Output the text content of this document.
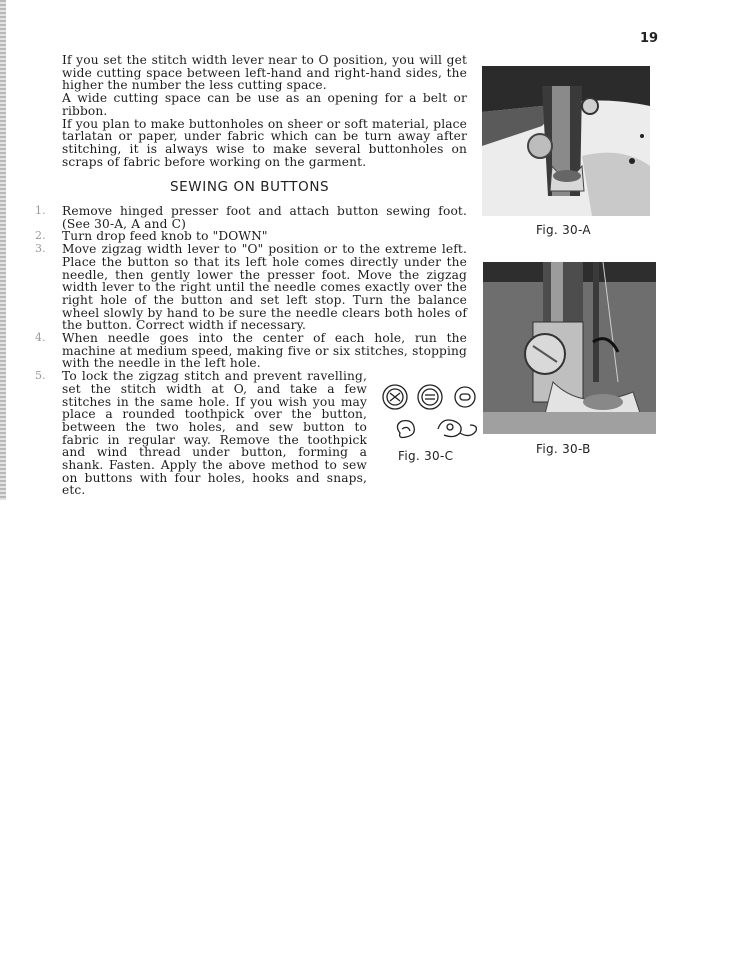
19

If you set the stitch width lever near to O position, you will get wide cutting space between left-hand and right-hand sides, the higher the number the less cutting space.

A wide cutting space can be use as an opening for a belt or ribbon.

If you plan to make buttonholes on sheer or soft material, place tarlatan or paper, under fabric which can be turn away after stitching, it is always wise to make several buttonholes on scraps of fabric before working on the garment.

SEWING ON BUTTONS
1. Remove hinged presser foot and attach button sewing foot. (See 30-A, A and C)
2. Turn drop feed knob to "DOWN"
3. Move zigzag width lever to "O" position or to the extreme left. Place the button so that its left hole comes directly under the needle, then gently lower the presser foot. Move the zigzag width lever to the right until the needle comes exactly over the right hole of the button and set left stop. Turn the balance wheel slowly by hand to be sure the needle clears both holes of the button. Correct width if necessary.
4. When needle goes into the center of each hole, run the machine at medium speed, making five or six stitches, stopping with the needle in the left hole.
5. To lock the zigzag stitch and prevent ravelling, set the stitch width at O, and take a few stitches in the same hole. If you wish you may place a rounded toothpick over the button, between the two holes, and sew button to fabric in regular way. Remove the toothpick and wind thread under button, forming a shank. Fasten. Apply the above method to sew on buttons with four holes, hooks and snaps, etc.
Fig. 30-A
Fig. 30-B
Fig. 30-C
